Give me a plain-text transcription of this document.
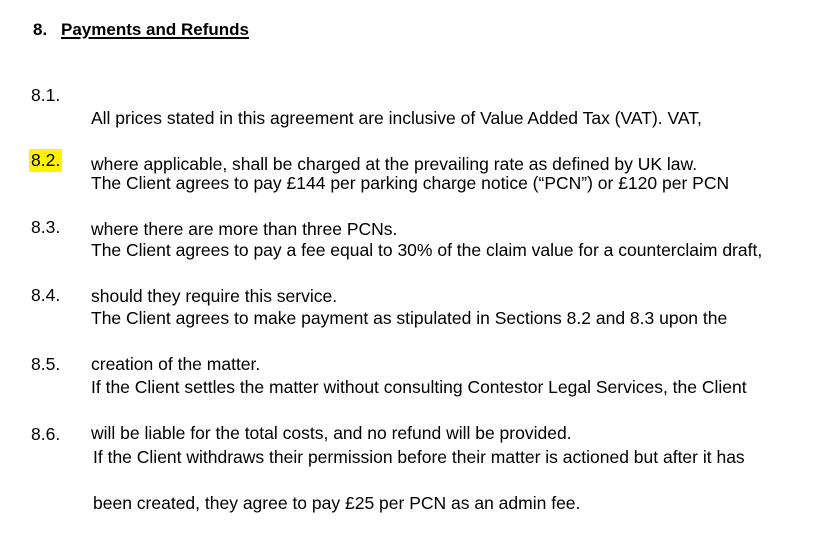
8. Payments and Refunds
8.1.

All prices stated in this agreement are inclusive of Value Added Tax (VAT). VAT,

where applicable, shall be charged at the prevailing rate as defined by UK law.

8.2.

The Client agrees to pay £144 per parking charge notice (“PCN”) or £120 per PCN

where there are more than three PCNs.

8.3.

The Client agrees to pay a fee equal to 30% of the claim value for a counterclaim draft,

should they require this service.

8.4.

The Client agrees to make payment as stipulated in Sections 8.2 and 8.3 upon the

creation of the matter.

8.5.

If the Client settles the matter without consulting Contestor Legal Services, the Client

will be liable for the total costs, and no refund will be provided.

8.6.

If the Client withdraws their permission before their matter is actioned but after it has

been created, they agree to pay £25 per PCN as an admin fee.
